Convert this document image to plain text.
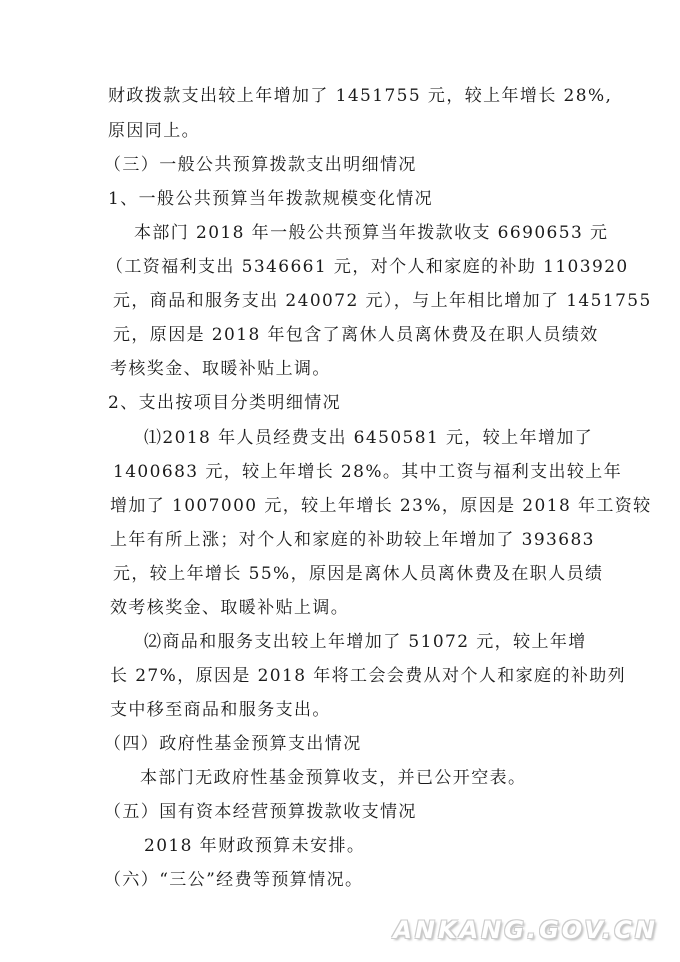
财政拨款支出较上年增加了 1451755 元，较上年增长 28%,
原因同上。
（三）一般公共预算拨款支出明细情况
1、一般公共预算当年拨款规模变化情况
本部门 2018 年一般公共预算当年拨款收支 6690653 元
（工资福利支出 5346661 元，对个人和家庭的补助 1103920
元，商品和服务支出 240072 元），与上年相比增加了 1451755
元，原因是 2018 年包含了离休人员离休费及在职人员绩效
考核奖金、取暖补贴上调。
2、支出按项目分类明细情况
⑴2018 年人员经费支出 6450581 元，较上年增加了
1400683 元，较上年增长 28%。其中工资与福利支出较上年
增加了 1007000 元，较上年增长 23%，原因是 2018 年工资较
上年有所上涨；对个人和家庭的补助较上年增加了 393683
元，较上年增长 55%，原因是离休人员离休费及在职人员绩
效考核奖金、取暖补贴上调。
⑵商品和服务支出较上年增加了 51072 元，较上年增
长 27%，原因是 2018 年将工会会费从对个人和家庭的补助列
支中移至商品和服务支出。
（四）政府性基金预算支出情况
本部门无政府性基金预算收支，并已公开空表。
（五）国有资本经营预算拨款收支情况
2018 年财政预算未安排。
（六）“三公”经费等预算情况。
ANKANG.GOV.CN
